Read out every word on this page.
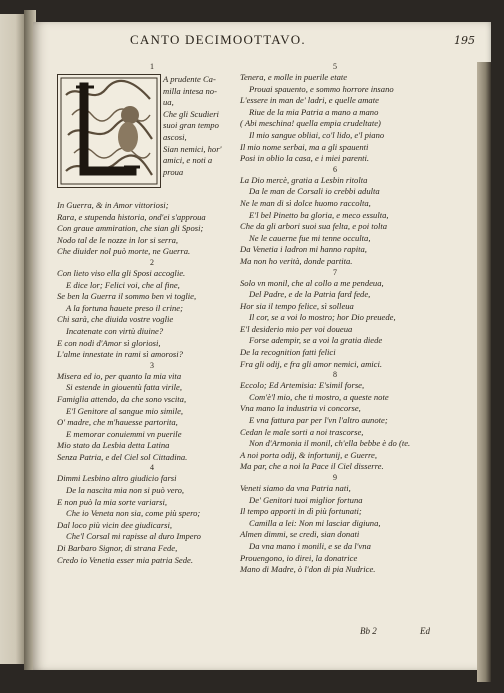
CANTO DECIMOOTTAVO.	195
1
A prudente Ca-
milla intesa no-
ua,
Che gli Scudieri
suoi gran tempo
ascosi,
Sian nemici, hor'
amici, e noti a
proua
In Guerra, & in Amor vittoriosi;
Rara, e stupenda historia, ond'ei s'approua
Con graue ammiration, che sian gli Sposi;
Nodo tal de le nozze in lor si serra,
Che diuider nol può morte, ne Guerra.
2
Con lieto viso ella gli Sposi accoglie.
E dice lor; Felici voi, che al fine,
Se ben la Guerra il sommo ben vi toglie,
A la fortuna hauete preso il crine;
Chi sarà, che diuida vostre voglie
Incatenate con virtù diuine?
E con nodi d'Amor sì gloriosi,
L'alme innestate in rami sì amorosi?
3
Misera ed io, per quanto la mia vita
Si estende in giouentù fatta virile,
Famiglia attendo, da che sono vscita,
E'l Genitore al sangue mio simile,
O' madre, che m'hauesse partorita,
E memorar conuiemmi vn puerile
Mio stato da Lesbia detta Latina
Senza Patria, e del Ciel sol Cittadina.
4
Dimmi Lesbino altro giudicio farsi
De la nascita mia non si può vero,
E non può la mia sorte variarsi,
Che io Veneta non sia, come più spero;
Dal loco più vicin dee giudicarsi,
Che'l Corsal mi rapisse al duro Impero
Di Barbaro Signor, di strana Fede,
Credo io Venetia esser mia patria Sede.
5
Tenera, e molle in puerile etate
Prouai spauento, e sommo horrore insano
L'essere in man de' ladri, e quelle amate
Riue de la mia Patria a mano a mano
( Abi meschina! quella empia crudeltate)
Il mio sangue obliai, co'l lido, e'l piano
Il mio nome serbai, ma a gli spauenti
Posi in oblio la casa, e i miei parenti.
6
La Dio mercè, gratia a Lesbin ritolta
Da le man de Corsali io crebbi adulta
Ne le man di sì dolce huomo raccolta,
E'l bel Pinetto ba gloria, e meco essulta,
Che da gli arbori suoi sua felta, e poi tolta
Ne le cauerne fue mi tenne occulta,
Da Venetia i ladron mi hanno rapita,
Ma non ho verità, donde partita.
7
Solo vn monil, che al collo a me pendeua,
Del Padre, e de la Patria fard fede,
Hor sia il tempo felice, sì solleua
Il cor, se a voi lo mostro; hor Dio preuede,
E'l desiderio mio per voi doueua
Forse adempir, se a voi la gratia diede
De la recognition fatti felici
Fra gli odij, e fra gli amor nemici, amici.
8
Eccolo; Ed Artemisia: E'simil forse,
Com'è'l mio, che ti mostro, a queste note
Vna mano la industria vi concorse,
E vna fattura par per l'vn l'altro aunote;
Cedan le male sorti a noi trascorse,
Non d'Armonia il monil, ch'ella bebbe è do (te.
A noi porta odij, & infortunij, e Guerre,
Ma par, che a noi la Pace il Ciel disserre.
9
Veneti siamo da vna Patria nati,
De' Genitori tuoi miglior fortuna
Il tempo apporti in dì più fortunati;
Camilla a lei: Non mi lasciar digiuna,
Almen dimmi, se credi, sian donati
Da vna mano i monili, e se da l'vna
Prouengono, io direi, la donatrice
Mano di Madre, ò l'don di pia Nudrice.
Bb 2	Ed
